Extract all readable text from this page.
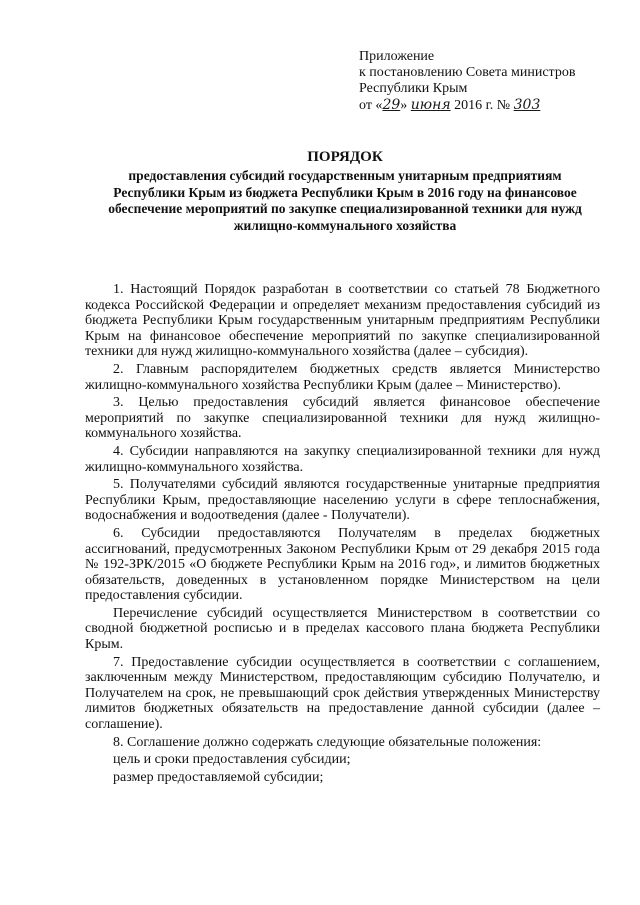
Приложение
к постановлению Совета министров
Республики Крым
от «29» июня 2016 г. № 303
ПОРЯДОК
предоставления субсидий государственным унитарным предприятиям Республики Крым из бюджета Республики Крым в 2016 году на финансовое обеспечение мероприятий по закупке специализированной техники для нужд жилищно-коммунального хозяйства

1. Настоящий Порядок разработан в соответствии со статьей 78 Бюджетного кодекса Российской Федерации и определяет механизм предоставления субсидий из бюджета Республики Крым государственным унитарным предприятиям Республики Крым на финансовое обеспечение мероприятий по закупке специализированной техники для нужд жилищно-коммунального хозяйства (далее – субсидия).

2. Главным распорядителем бюджетных средств является Министерство жилищно-коммунального хозяйства Республики Крым (далее – Министерство).

3. Целью предоставления субсидий является финансовое обеспечение мероприятий по закупке специализированной техники для нужд жилищно-коммунального хозяйства.

4. Субсидии направляются на закупку специализированной техники для нужд жилищно-коммунального хозяйства.

5. Получателями субсидий являются государственные унитарные предприятия Республики Крым, предоставляющие населению услуги в сфере теплоснабжения, водоснабжения и водоотведения (далее - Получатели).

6. Субсидии предоставляются Получателям в пределах бюджетных ассигнований, предусмотренных Законом Республики Крым от 29 декабря 2015 года № 192-ЗРК/2015 «О бюджете Республики Крым на 2016 год», и лимитов бюджетных обязательств, доведенных в установленном порядке Министерством на цели предоставления субсидии.

Перечисление субсидий осуществляется Министерством в соответствии со сводной бюджетной росписью и в пределах кассового плана бюджета Республики Крым.

7. Предоставление субсидии осуществляется в соответствии с соглашением, заключенным между Министерством, предоставляющим субсидию Получателю, и Получателем на срок, не превышающий срок действия утвержденных Министерству лимитов бюджетных обязательств на предоставление данной субсидии (далее – соглашение).

8. Соглашение должно содержать следующие обязательные положения:

цель и сроки предоставления субсидии;

размер предоставляемой субсидии;
